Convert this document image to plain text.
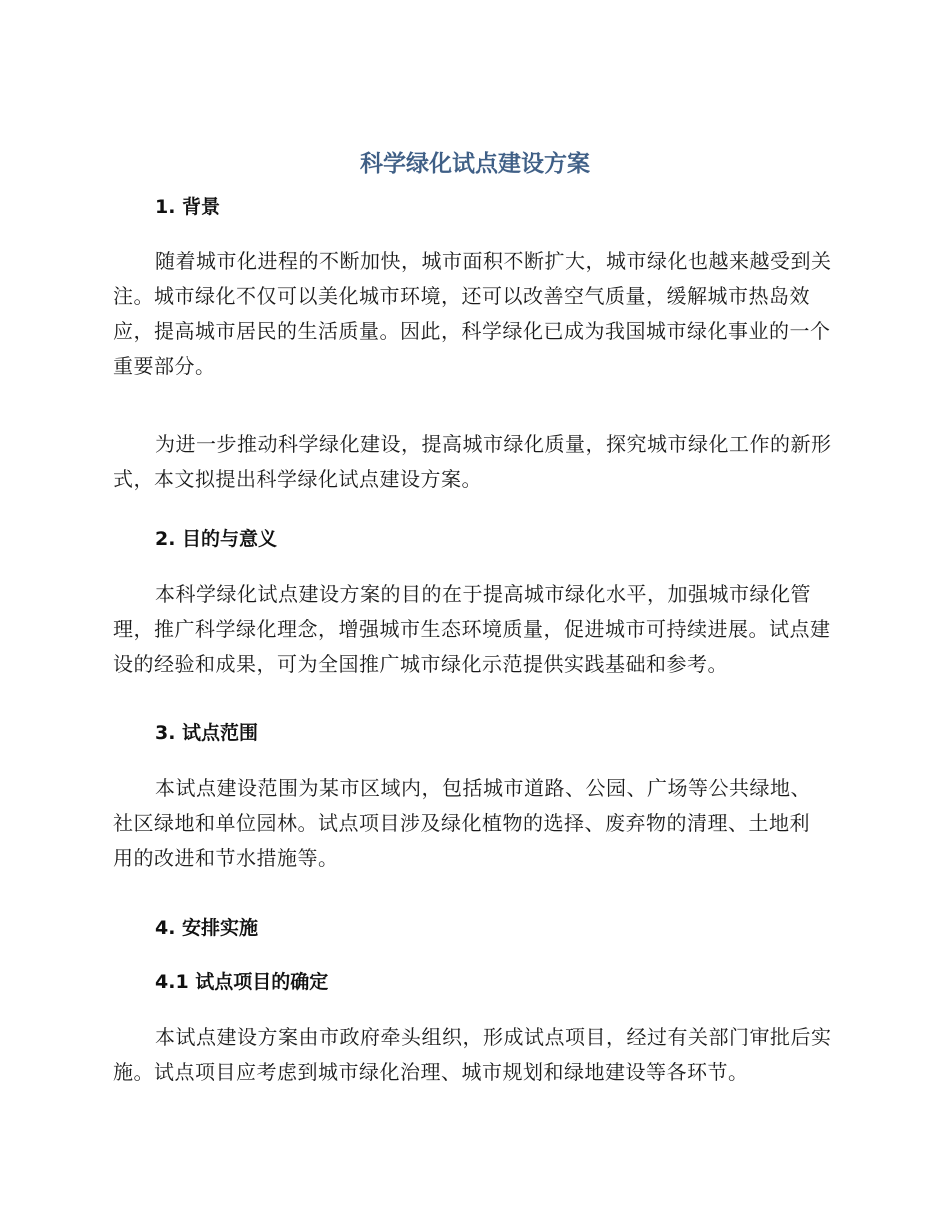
科学绿化试点建设方案
1. 背景

随着城市化进程的不断加快，城市面积不断扩大，城市绿化也越来越受到关注。城市绿化不仅可以美化城市环境，还可以改善空气质量，缓解城市热岛效应，提高城市居民的生活质量。因此，科学绿化已成为我国城市绿化事业的一个重要部分。

为进一步推动科学绿化建设，提高城市绿化质量，探究城市绿化工作的新形式，本文拟提出科学绿化试点建设方案。

2. 目的与意义

本科学绿化试点建设方案的目的在于提高城市绿化水平，加强城市绿化管理，推广科学绿化理念，增强城市生态环境质量，促进城市可持续进展。试点建设的经验和成果，可为全国推广城市绿化示范提供实践基础和参考。

3. 试点范围

本试点建设范围为某市区域内，包括城市道路、公园、广场等公共绿地、社区绿地和单位园林。试点项目涉及绿化植物的选择、废弃物的清理、土地利用的改进和节水措施等。

4. 安排实施
4.1 试点项目的确定

本试点建设方案由市政府牵头组织，形成试点项目，经过有关部门审批后实施。试点项目应考虑到城市绿化治理、城市规划和绿地建设等各环节。
